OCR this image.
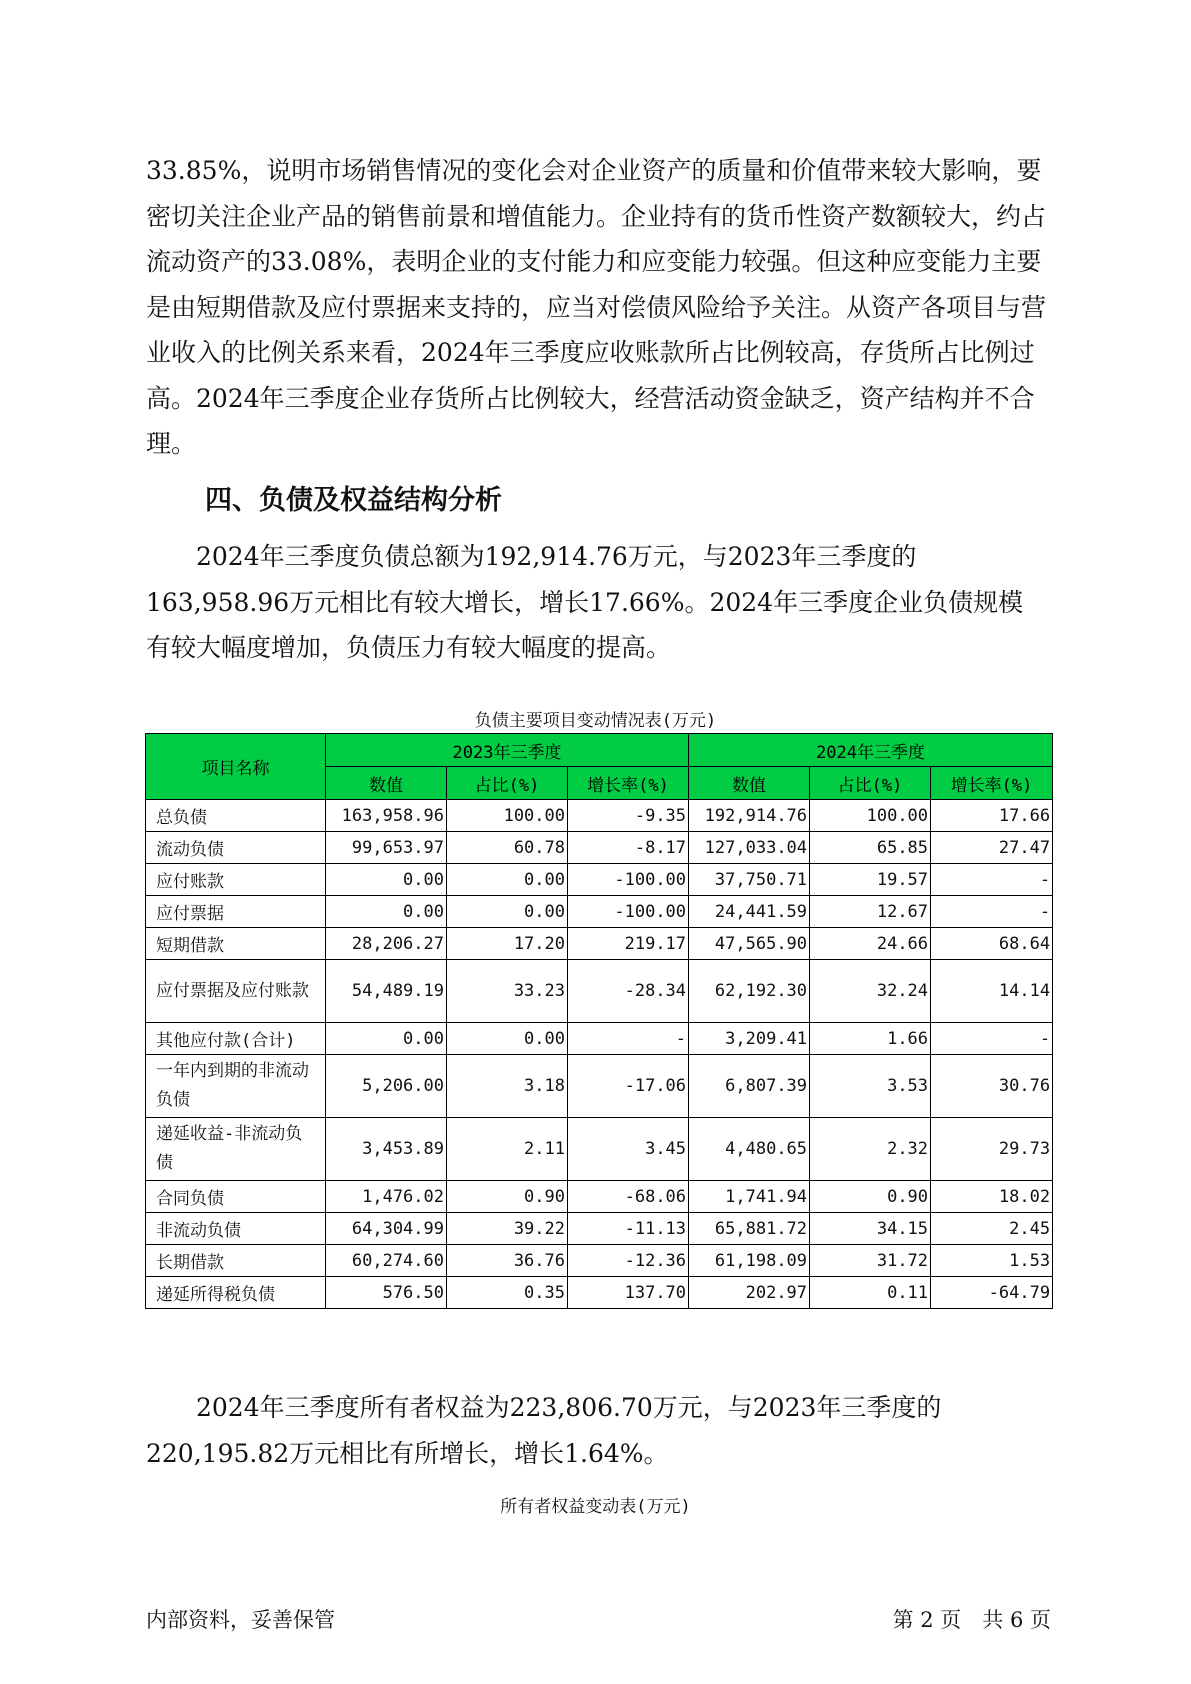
33.85%，说明市场销售情况的变化会对企业资产的质量和价值带来较大影响，要密切关注企业产品的销售前景和增值能力。企业持有的货币性资产数额较大，约占流动资产的33.08%，表明企业的支付能力和应变能力较强。但这种应变能力主要是由短期借款及应付票据来支持的，应当对偿债风险给予关注。从资产各项目与营业收入的比例关系来看，2024年三季度应收账款所占比例较高，存货所占比例过高。2024年三季度企业存货所占比例较大，经营活动资金缺乏，资产结构并不合理。

四、负债及权益结构分析

2024年三季度负债总额为192,914.76万元，与2023年三季度的163,958.96万元相比有较大增长，增长17.66%。2024年三季度企业负债规模有较大幅度增加，负债压力有较大幅度的提高。

负债主要项目变动情况表(万元)

项目名称	2023年三季度			2024年三季度		
	数值	占比(%)	增长率(%)	数值	占比(%)	增长率(%)
总负债	163,958.96	100.00	-9.35	192,914.76	100.00	17.66
流动负债	99,653.97	60.78	-8.17	127,033.04	65.85	27.47
应付账款	0.00	0.00	-100.00	37,750.71	19.57	-
应付票据	0.00	0.00	-100.00	24,441.59	12.67	-
短期借款	28,206.27	17.20	219.17	47,565.90	24.66	68.64
应付票据及应付账款	54,489.19	33.23	-28.34	62,192.30	32.24	14.14
其他应付款(合计)	0.00	0.00	-	3,209.41	1.66	-
一年内到期的非流动负债	5,206.00	3.18	-17.06	6,807.39	3.53	30.76
递延收益-非流动负债	3,453.89	2.11	3.45	4,480.65	2.32	29.73
合同负债	1,476.02	0.90	-68.06	1,741.94	0.90	18.02
非流动负债	64,304.99	39.22	-11.13	65,881.72	34.15	2.45
长期借款	60,274.60	36.76	-12.36	61,198.09	31.72	1.53
递延所得税负债	576.50	0.35	137.70	202.97	0.11	-64.79

2024年三季度所有者权益为223,806.70万元，与2023年三季度的220,195.82万元相比有所增长，增长1.64%。

所有者权益变动表(万元)

内部资料，妥善保管	第 2 页　共 6 页
